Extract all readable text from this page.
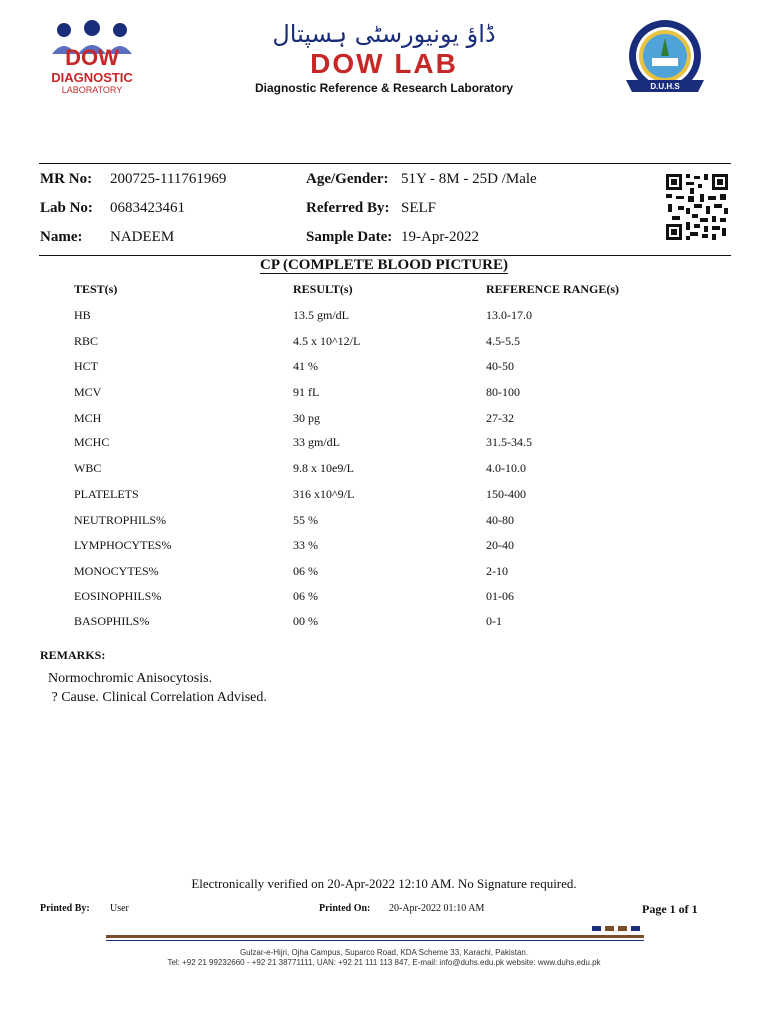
DOW
DIAGNOSTIC
LABORATORY
ڈاؤ یونیورسٹی ہسپتال
DOW LAB
Diagnostic Reference & Research Laboratory	D.U.H.S
MR No: 200725-111761969	Age/Gender: 51Y - 8M - 25D /Male
Lab No: 0683423461	Referred By: SELF
Name: NADEEM	Sample Date: 19-Apr-2022
CP (COMPLETE BLOOD PICTURE)
TEST(s)	RESULT(s)	REFERENCE RANGE(s)
HB	13.5 gm/dL	13.0-17.0
RBC	4.5 x 10^12/L	4.5-5.5
HCT	41 %	40-50
MCV	91 fL	80-100
MCH	30 pg	27-32
MCHC	33 gm/dL	31.5-34.5
WBC	9.8 x 10e9/L	4.0-10.0
PLATELETS	316 x10^9/L	150-400
NEUTROPHILS%	55 %	40-80
LYMPHOCYTES%	33 %	20-40
MONOCYTES%	06 %	2-10
EOSINOPHILS%	06 %	01-06
BASOPHILS%	00 %	0-1
REMARKS:
Normochromic Anisocytosis.
? Cause. Clinical Correlation Advised.
Electronically verified on 20-Apr-2022 12:10 AM. No Signature required.
Printed By: User	Printed On: 20-Apr-2022 01:10 AM	Page 1 of 1
Gulzar-e-Hijri, Ojha Campus, Suparco Road, KDA Scheme 33, Karachi, Pakistan.
Tel: +92 21 99232660 - +92 21 38771111, UAN: +92 21 111 113 847, E-mail: info@duhs.edu.pk website: www.duhs.edu.pk
